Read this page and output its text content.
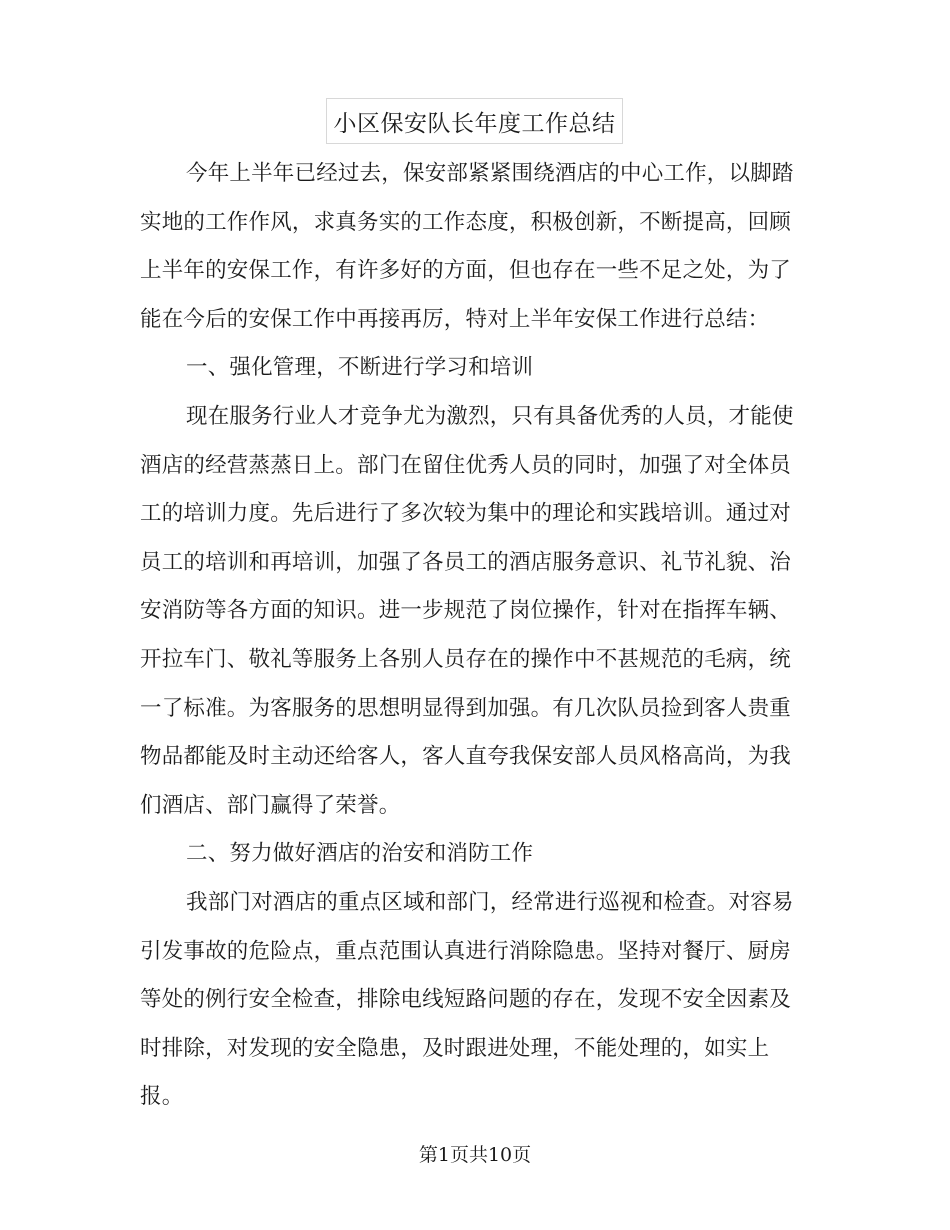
小区保安队长年度工作总结
今年上半年已经过去，保安部紧紧围绕酒店的中心工作，以脚踏
实地的工作作风，求真务实的工作态度，积极创新，不断提高，回顾
上半年的安保工作，有许多好的方面，但也存在一些不足之处，为了
能在今后的安保工作中再接再厉，特对上半年安保工作进行总结：
一、强化管理，不断进行学习和培训
现在服务行业人才竞争尤为激烈，只有具备优秀的人员，才能使
酒店的经营蒸蒸日上。部门在留住优秀人员的同时，加强了对全体员
工的培训力度。先后进行了多次较为集中的理论和实践培训。通过对
员工的培训和再培训，加强了各员工的酒店服务意识、礼节礼貌、治
安消防等各方面的知识。进一步规范了岗位操作，针对在指挥车辆、
开拉车门、敬礼等服务上各别人员存在的操作中不甚规范的毛病，统
一了标准。为客服务的思想明显得到加强。有几次队员捡到客人贵重
物品都能及时主动还给客人，客人直夸我保安部人员风格高尚，为我
们酒店、部门赢得了荣誉。
二、努力做好酒店的治安和消防工作
我部门对酒店的重点区域和部门，经常进行巡视和检查。对容易
引发事故的危险点，重点范围认真进行消除隐患。坚持对餐厅、厨房
等处的例行安全检查，排除电线短路问题的存在，发现不安全因素及
时排除，对发现的安全隐患，及时跟进处理，不能处理的，如实上
报。
第1页共10页
